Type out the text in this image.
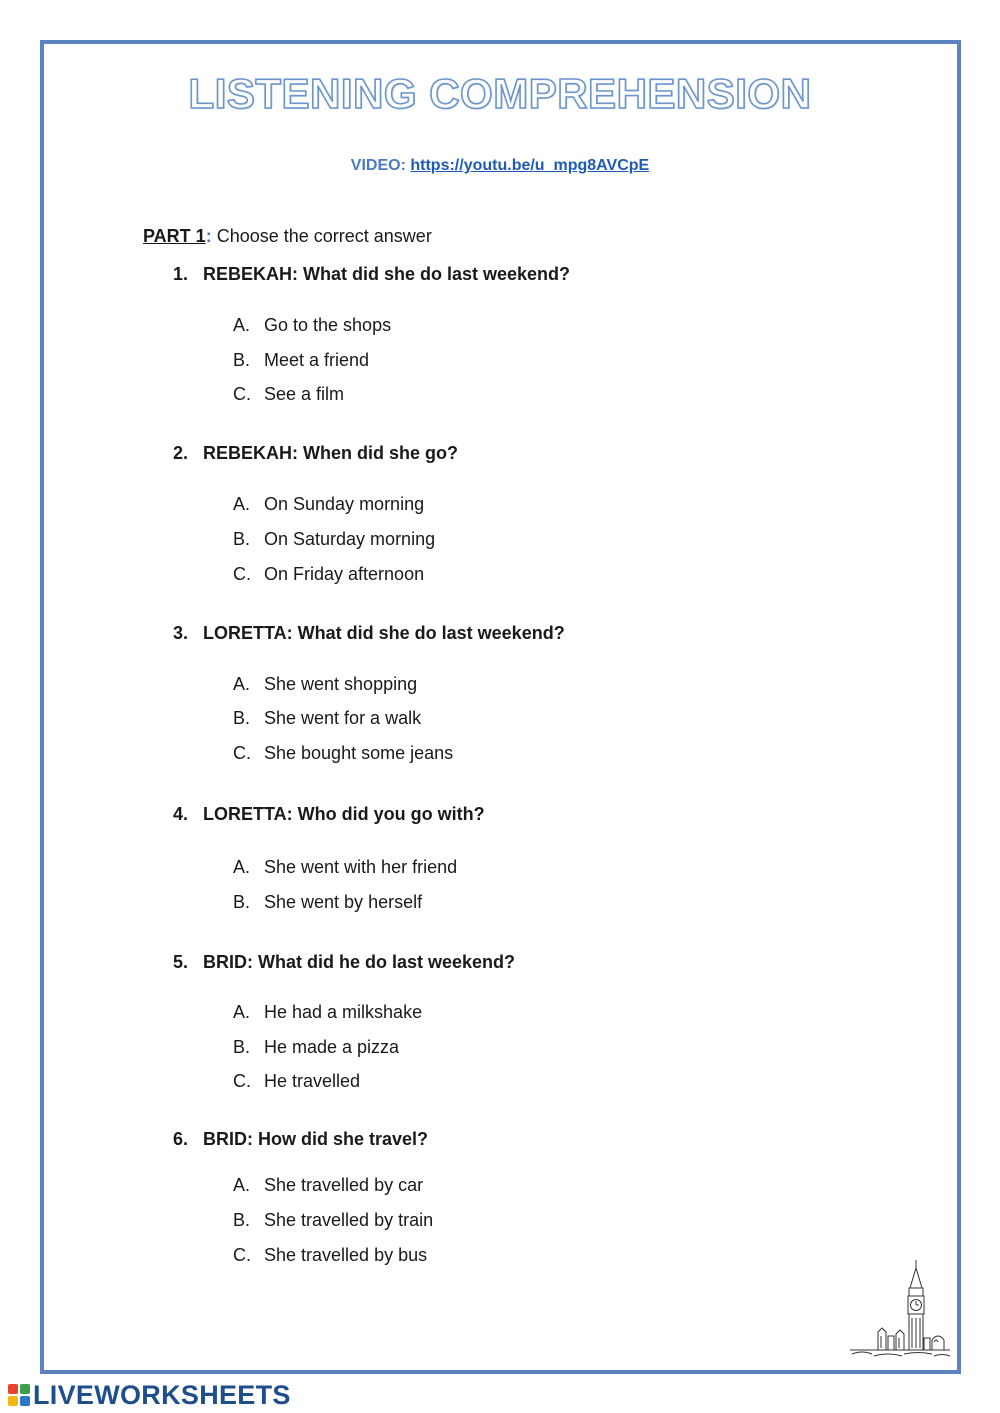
LISTENING COMPREHENSION
VIDEO: https://youtu.be/u_mpg8AVCpE
PART 1: Choose the correct answer
1. REBEKAH: What did she do last weekend?
A. Go to the shops
B. Meet a friend
C. See a film
2. REBEKAH: When did she go?
A. On Sunday morning
B. On Saturday morning
C. On Friday afternoon
3. LORETTA: What did she do last weekend?
A. She went shopping
B. She went for a walk
C. She bought some jeans
4. LORETTA: Who did you go with?
A. She went with her friend
B. She went by herself
5. BRID: What did he do last weekend?
A. He had a milkshake
B. He made a pizza
C. He travelled
6. BRID: How did she travel?
A. She travelled by car
B. She travelled by train
C. She travelled by bus
LIVEWORKSHEETS
